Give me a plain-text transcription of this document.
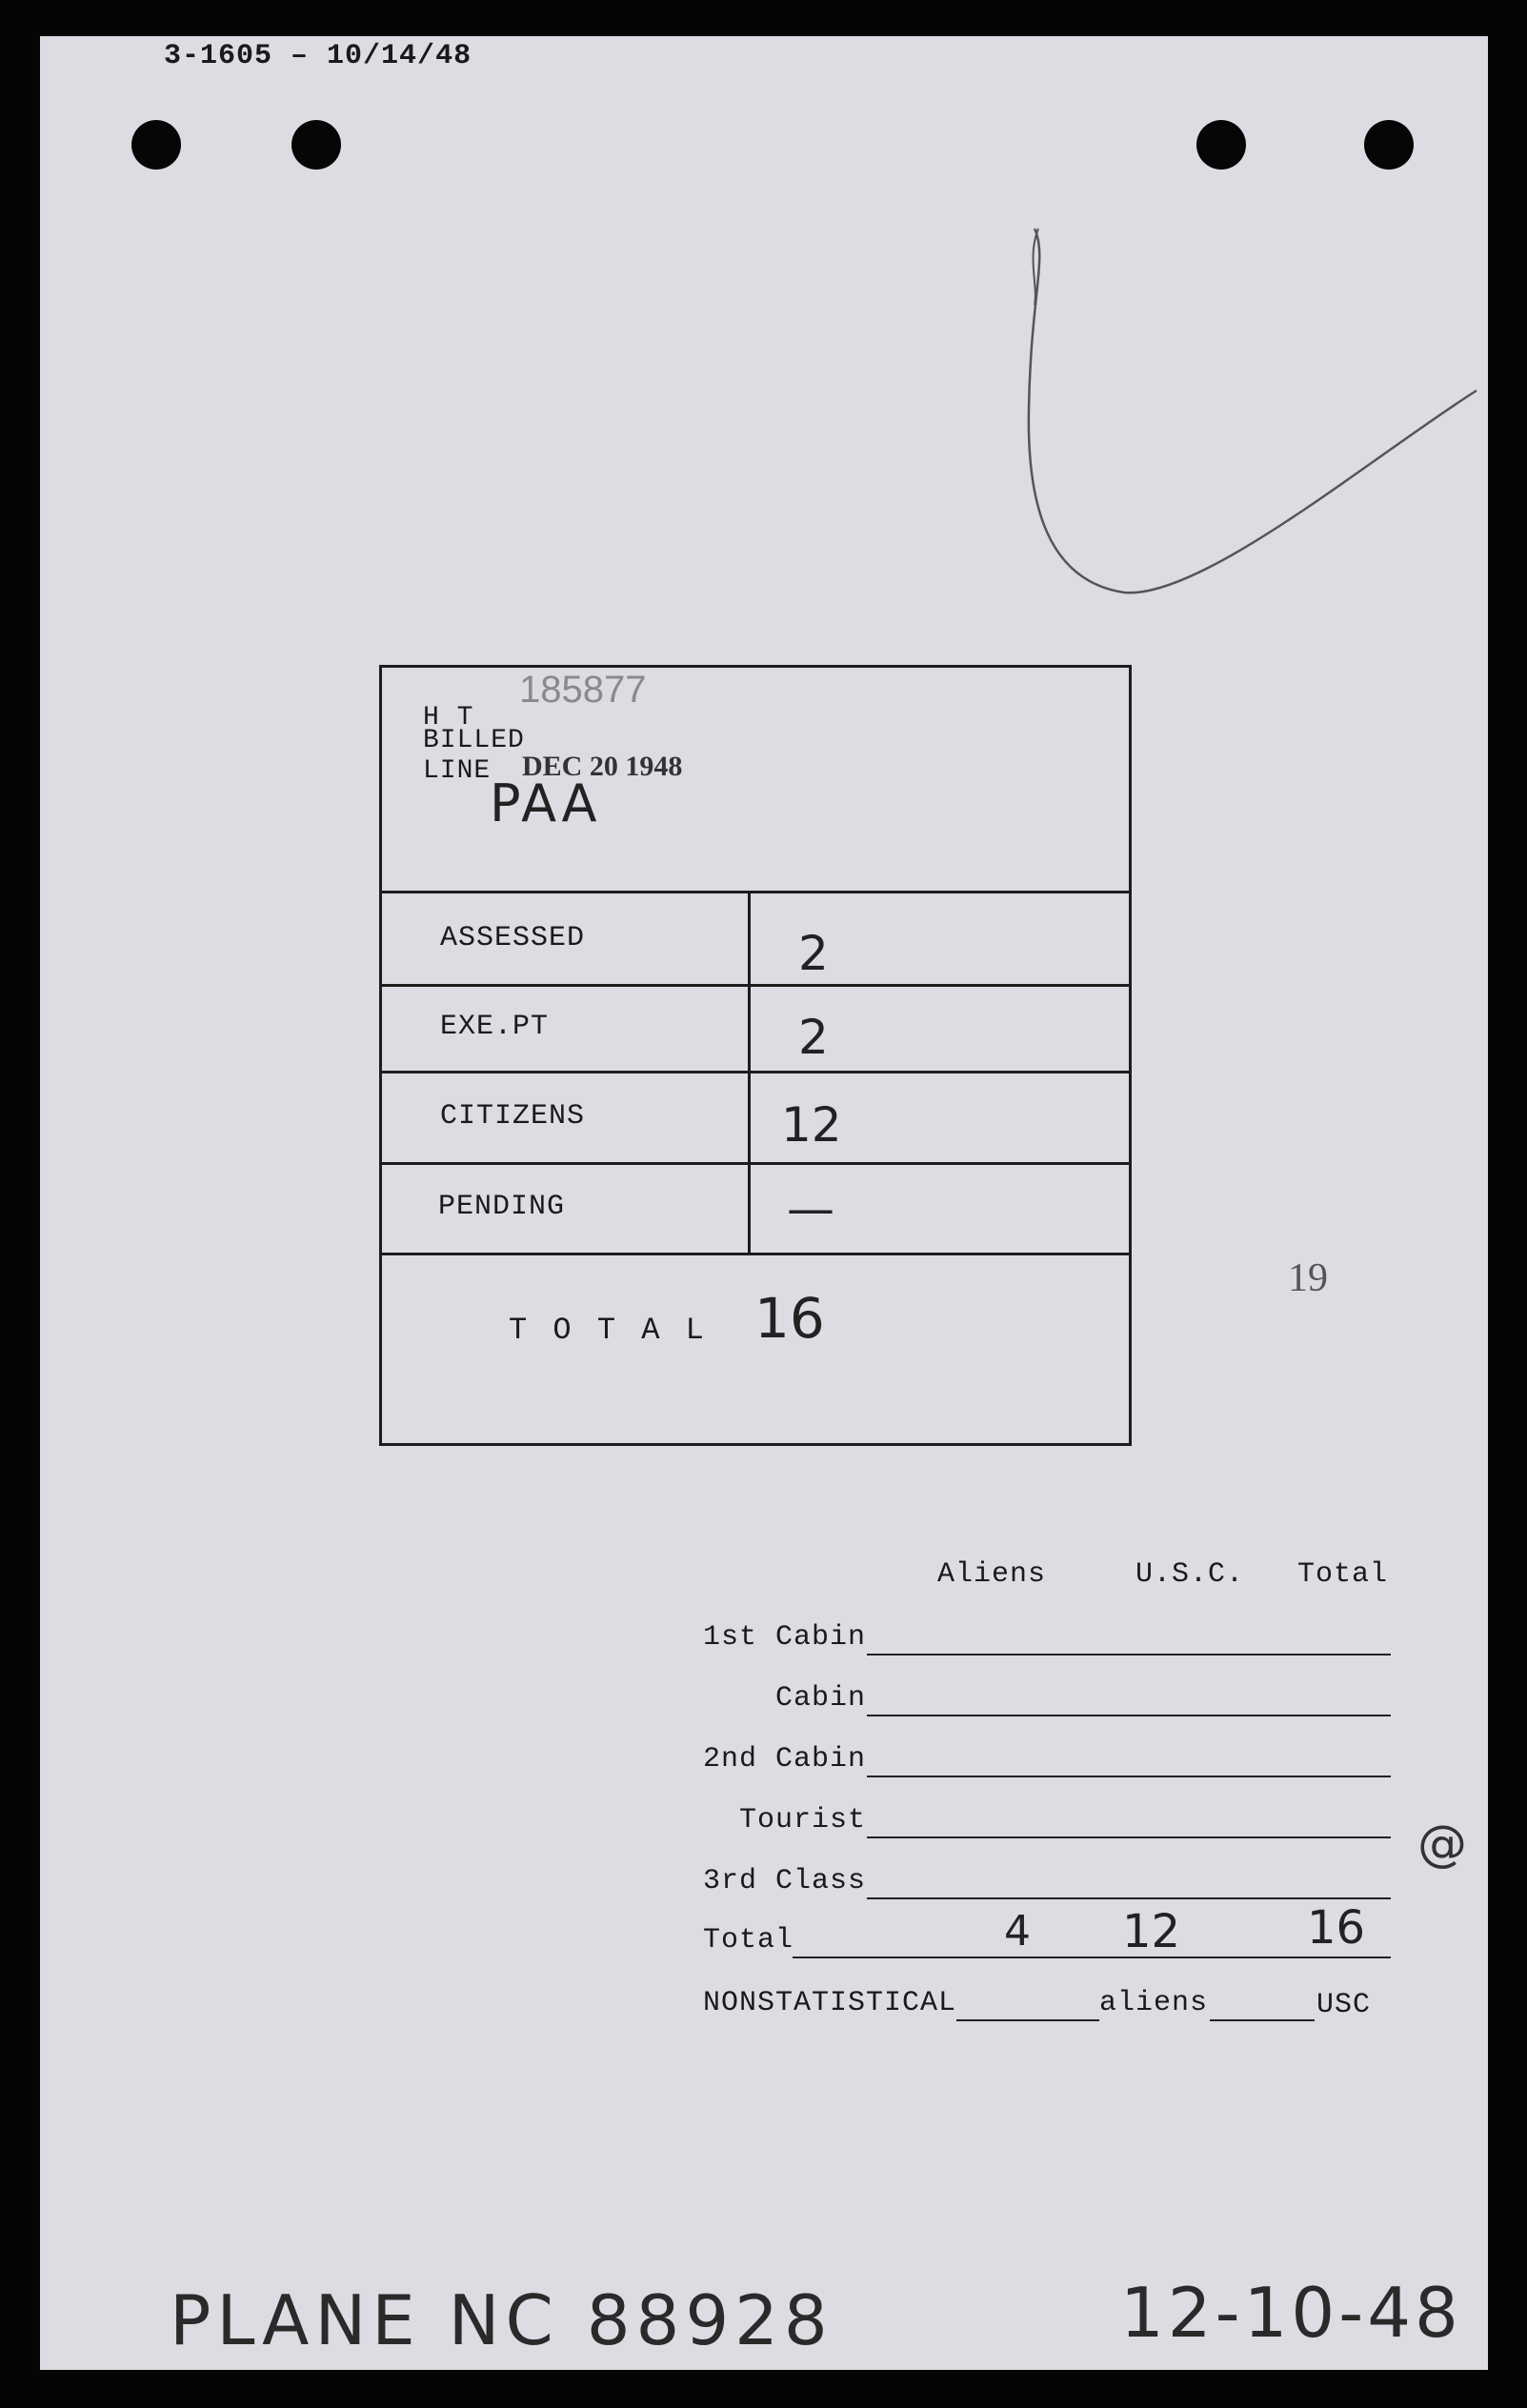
3-1605 – 10/14/48
185877
H T
BILLED
LINE DEC 20 1948
PAA
ASSESSED	2
EXE.PT	2
CITIZENS	12
PENDING	—
T O T A L 16
19
Aliens	U.S.C. Total
1st Cabin
Cabin
2nd Cabin
Tourist
3rd Class
Total	4 12	16
NONSTATISTICAL	aliens	USC
@
PLANE NC 88928	12-10-48
